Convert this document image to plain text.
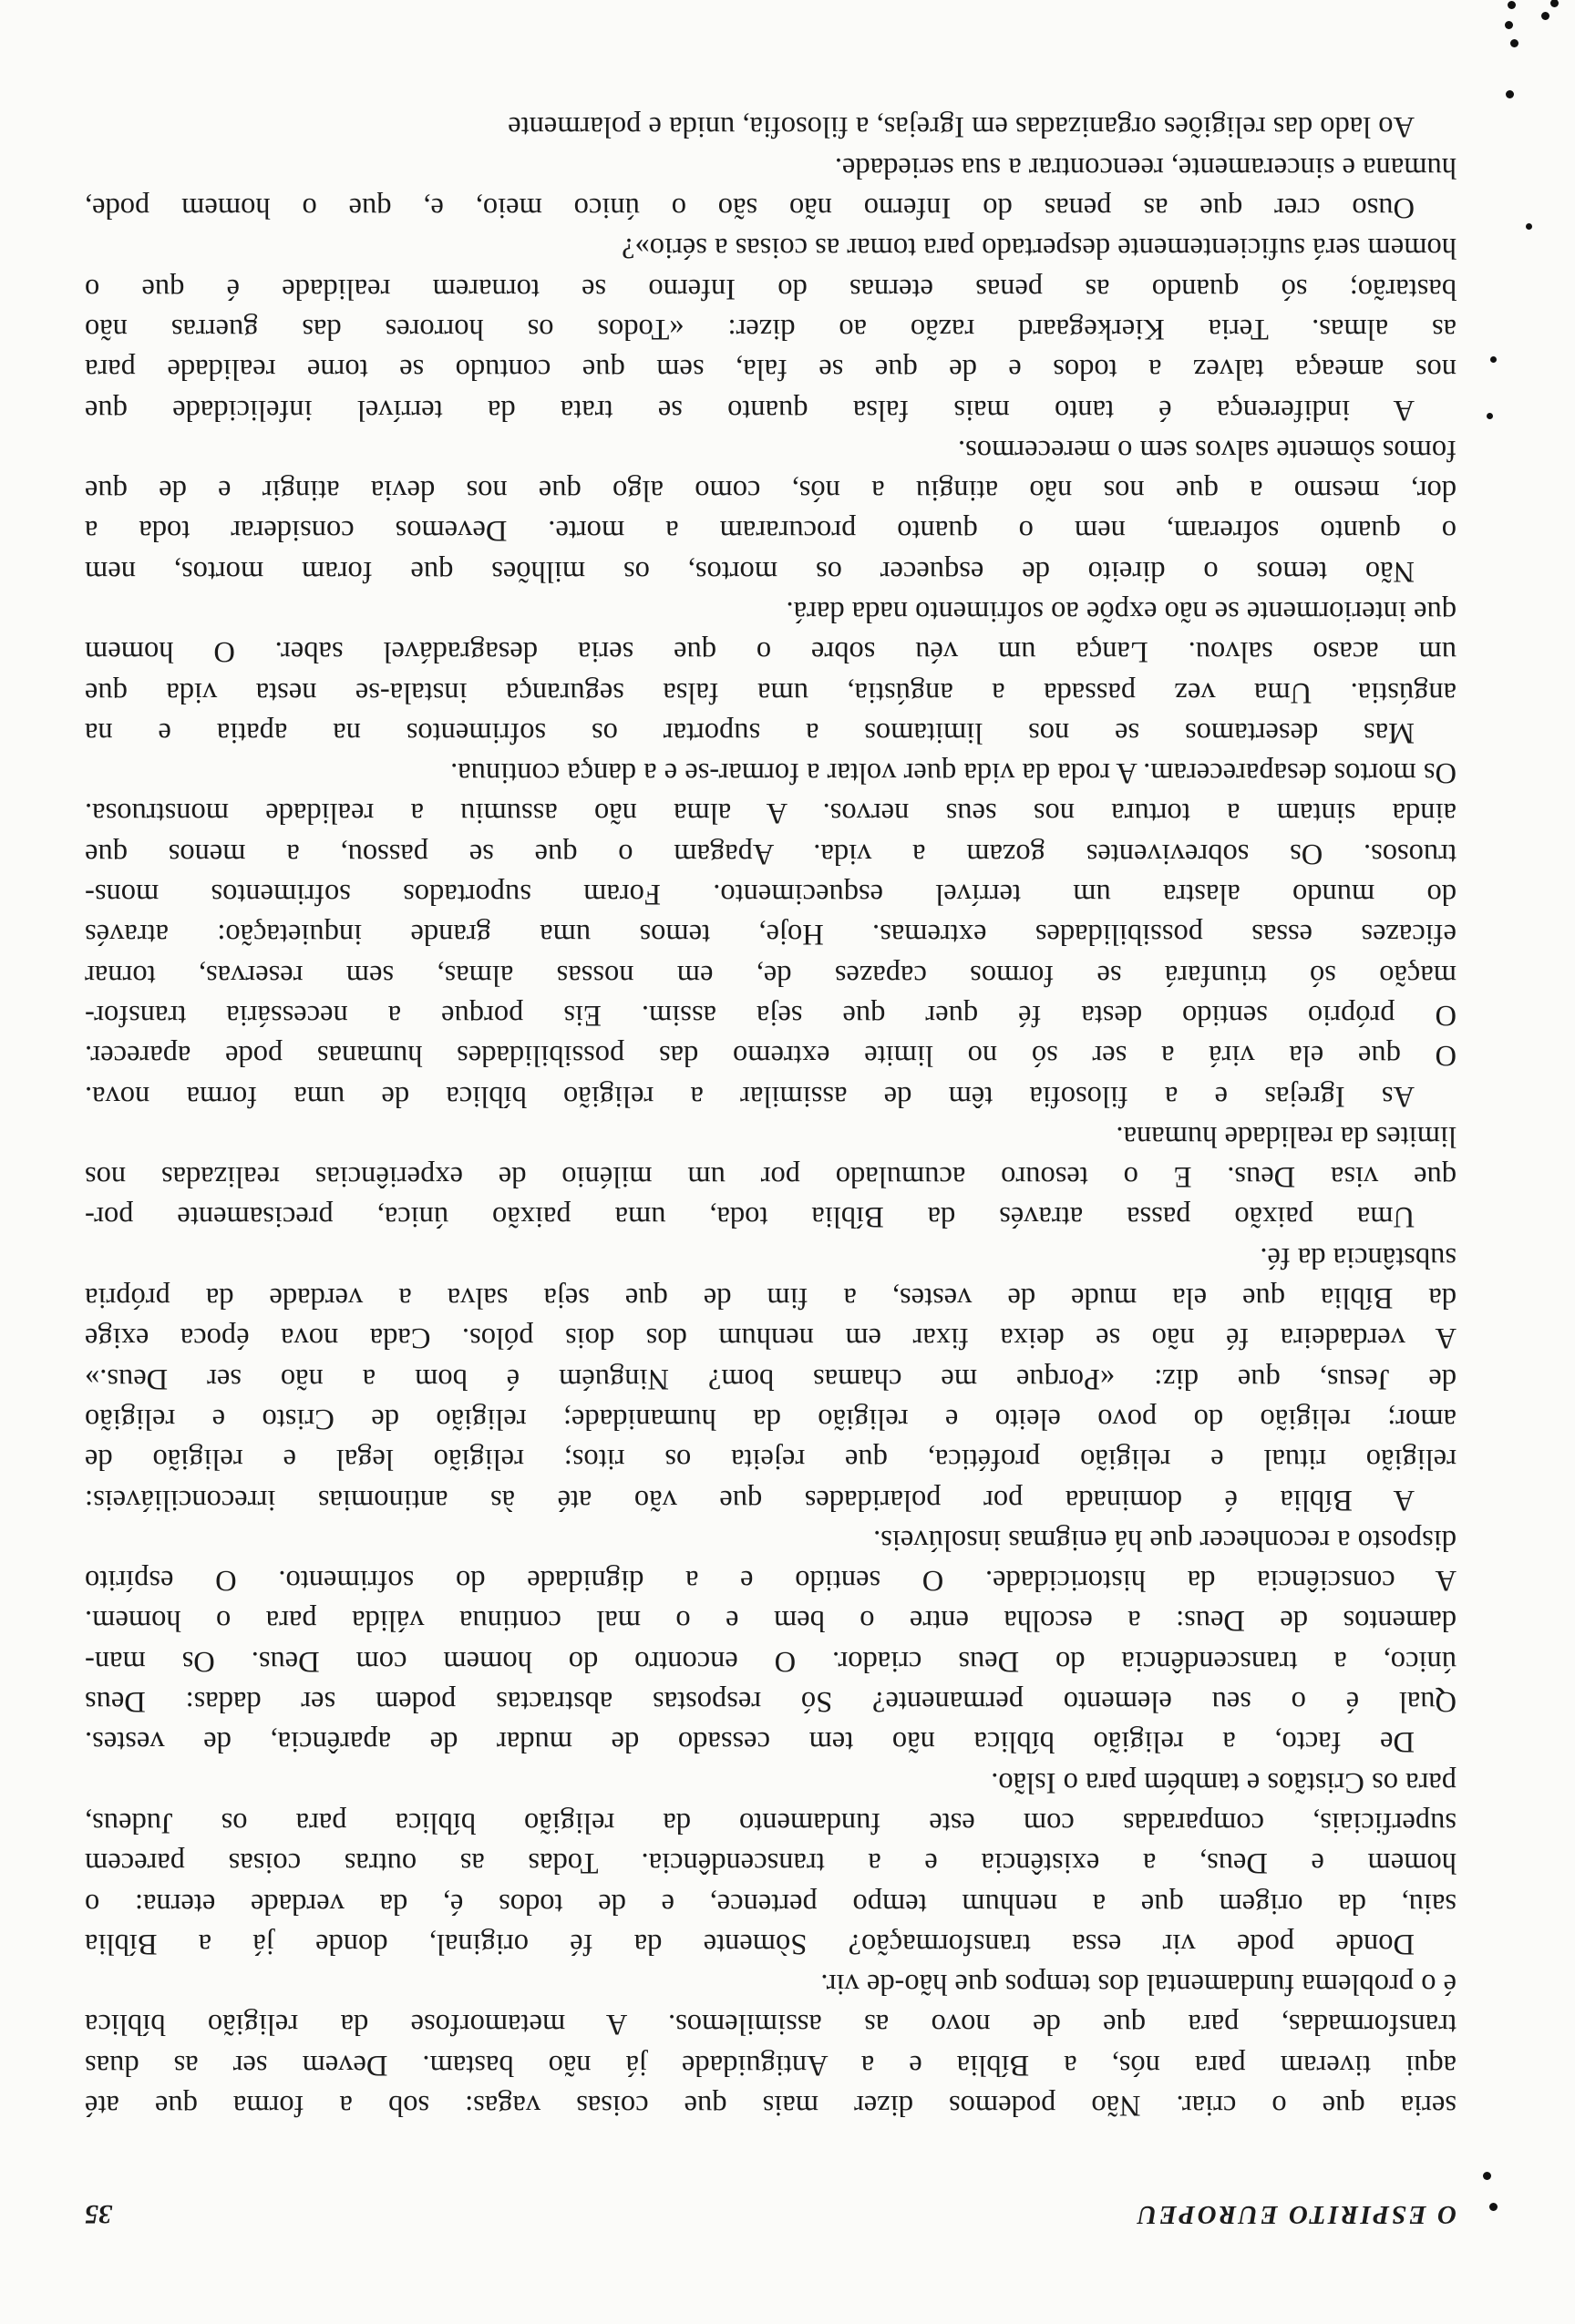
O ESPIRITO EUROPEU
35
seria que o criar. Não podemos dizer mais que coisas vagas: sob a forma que até
aqui tiveram para nós, a Bíblia e a Antiguidade já não bastam. Devem ser as duas
transformadas, para que de novo as assimilemos. A metamorfose da religião bíblica
é o problema fundamental dos tempos que hão-de vir.
Donde pode vir essa transformação? Sòmente da fé original, donde já a Bíblia
saiu, da origem que a nenhum tempo pertence, e de todos é, da verdade eterna: o
homem e Deus, a existência e a transcendência. Todas as outras coisas parecem
superficiais, comparadas com este fundamento da religião bíblica para os Judeus,
para os Cristãos e também para o Islão.
De facto, a religião bíblica não tem cessado de mudar de aparência, de vestes.
Qual é o seu elemento permanente? Só respostas abstractas podem ser dadas: Deus
único, a transcendência do Deus criador. O encontro do homem com Deus. Os man-
damentos de Deus: a escolha entre o bem e o mal continua válida para o homem.
A consciência da historicidade. O sentido e a dignidade do sofrimento. O espírito
disposto a reconhecer que há enigmas insolúveis.
A Bíblia é dominada por polaridades que vão até às antinomias irreconciliáveis:
religião ritual e religião profética, que rejeita os ritos; religião legal e religião de
amor; religião do povo eleito e religião da humanidade; religião de Cristo e religião
de Jesus, que diz: «Porque me chamas bom? Ninguém é bom a não ser Deus.»
A verdadeira fé não se deixa fixar em nenhum dos dois pólos. Cada nova época exige
da Bíblia que ela mude de vestes, a fim de que seja salva a verdade da própria
substância da fé.
Uma paixão passa através da Bíblia toda, uma paixão única, precisamente por-
que visa Deus. E o tesouro acumulado por um milénio de experiências realizadas nos
limites da realidade humana.
As Igrejas e a filosofia têm de assimilar a religião bíblica de uma forma nova.
O que ela virá a ser só no limite extremo das possibilidades humanas pode aparecer.
O próprio sentido desta fé quer que seja assim. Eis porque a necessária transfor-
mação só triunfará se formos capazes de, em nossas almas, sem reservas, tornar
eficazes essas possibilidades extremas. Hoje, temos uma grande inquietação: através
do mundo alastra um terrível esquecimento. Foram suportados sofrimentos mons-
truosos. Os sobreviventes gozam a vida. Apagam o que se passou, a menos que
ainda sintam a tortura nos seus nervos. A alma não assumiu a realidade monstruosa.
Os mortos desapareceram. A roda da vida quer voltar a formar-se e a dança continua.
Mas desertamos se nos limitamos a suportar os sofrimentos na apatia e na
angústia. Uma vez passada a angústia, uma falsa segurança instala-se nesta vida que
um acaso salvou. Lança um véu sobre o que seria desagradável saber. O homem
que interiormente se não expõe ao sofrimento nada dará.
Não temos o direito de esquecer os mortos, os milhões que foram mortos, nem
o quanto sofreram, nem o quanto procuraram a morte. Devemos considerar toda a
dor, mesmo a que nos não atingiu a nós, como algo que nos devia atingir e de que
fomos sòmente salvos sem o merecermos.
A indiferença é tanto mais falsa quanto se trata da terrível infelicidade que
nos ameaça talvez a todos e de que se fala, sem que contudo se torne realidade para
as almas. Teria Kierkegaard razão ao dizer: «Todos os horrores das guerras não
bastarão; só quando as penas eternas do Inferno se tornarem realidade é que o
homem será suficientemente despertado para tomar as coisas a sério»?
Ouso crer que as penas do Inferno não são o único meio, e, que o homem pode,
humana e sinceramente, reencontrar a sua seriedade.
Ao lado das religiões organizadas em Igrejas, a filosofia, unida e polarmente
